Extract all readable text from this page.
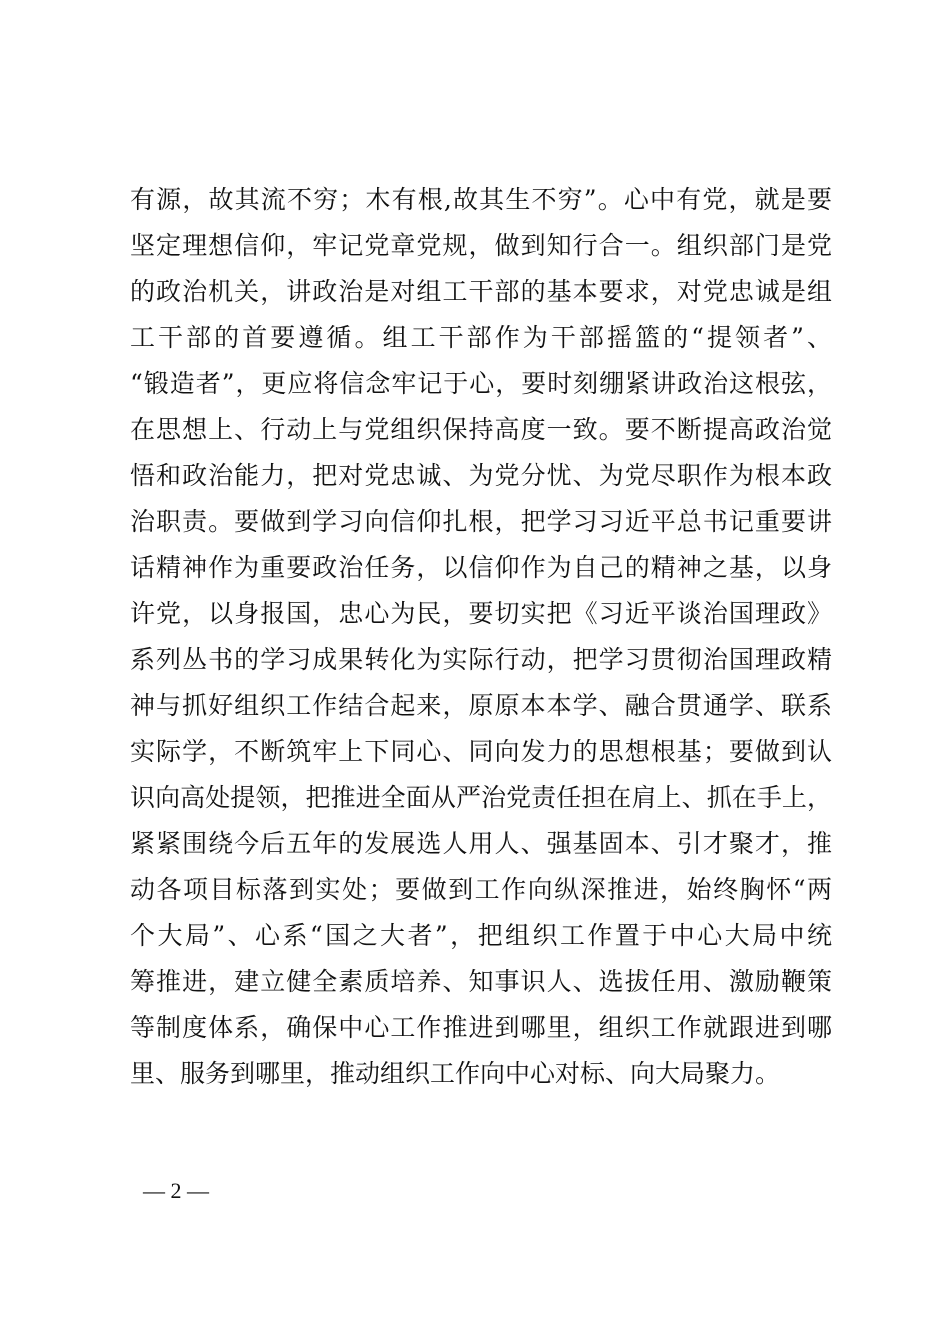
有源，故其流不穷；木有根,故其生不穷”。心中有党，就是要
坚定理想信仰，牢记党章党规，做到知行合一。组织部门是党
的政治机关，讲政治是对组工干部的基本要求，对党忠诚是组
工干部的首要遵循。组工干部作为干部摇篮的“提领者”、
“锻造者”，更应将信念牢记于心，要时刻绷紧讲政治这根弦，
在思想上、行动上与党组织保持高度一致。要不断提高政治觉
悟和政治能力，把对党忠诚、为党分忧、为党尽职作为根本政
治职责。要做到学习向信仰扎根，把学习习近平总书记重要讲
话精神作为重要政治任务，以信仰作为自己的精神之基，以身
许党，以身报国，忠心为民，要切实把《习近平谈治国理政》
系列丛书的学习成果转化为实际行动，把学习贯彻治国理政精
神与抓好组织工作结合起来，原原本本学、融合贯通学、联系
实际学，不断筑牢上下同心、同向发力的思想根基；要做到认
识向高处提领，把推进全面从严治党责任担在肩上、抓在手上，
紧紧围绕今后五年的发展选人用人、强基固本、引才聚才，推
动各项目标落到实处；要做到工作向纵深推进，始终胸怀“两
个大局”、心系“国之大者”，把组织工作置于中心大局中统
筹推进，建立健全素质培养、知事识人、选拔任用、激励鞭策
等制度体系，确保中心工作推进到哪里，组织工作就跟进到哪
里、服务到哪里，推动组织工作向中心对标、向大局聚力。
— 2 —
